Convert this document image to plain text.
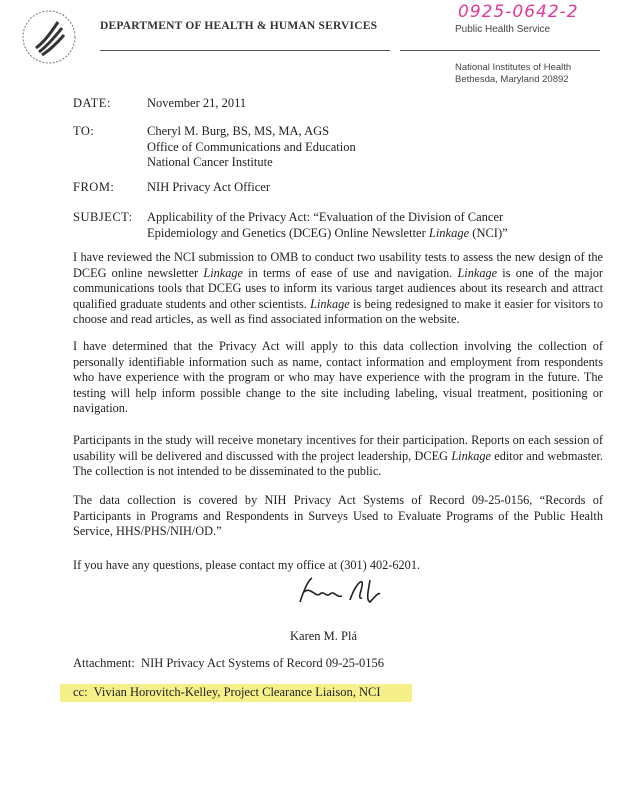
DEPARTMENT OF HEALTH & HUMAN SERVICES
0925-0642-2
Public Health Service
National Institutes of Health
Bethesda, Maryland 20892
DATE:	November 21, 2011
TO:	Cheryl M. Burg, BS, MS, MA, AGS
Office of Communications and Education
National Cancer Institute
FROM:	NIH Privacy Act Officer
SUBJECT: Applicability of the Privacy Act: “Evaluation of the Division of Cancer
Epidemiology and Genetics (DCEG) Online Newsletter Linkage (NCI)”
I have reviewed the NCI submission to OMB to conduct two usability tests to assess the new design of the DCEG online newsletter Linkage in terms of ease of use and navigation. Linkage is one of the major communications tools that DCEG uses to inform its various target audiences about its research and attract qualified graduate students and other scientists. Linkage is being redesigned to make it easier for visitors to choose and read articles, as well as find associated information on the website.
I have determined that the Privacy Act will apply to this data collection involving the collection of personally identifiable information such as name, contact information and employment from respondents who have experience with the program or who may have experience with the program in the future. The testing will help inform possible change to the site including labeling, visual treatment, positioning or navigation.
Participants in the study will receive monetary incentives for their participation. Reports on each session of usability will be delivered and discussed with the project leadership, DCEG Linkage editor and webmaster. The collection is not intended to be disseminated to the public.
The data collection is covered by NIH Privacy Act Systems of Record 09-25-0156, “Records of Participants in Programs and Respondents in Surveys Used to Evaluate Programs of the Public Health Service, HHS/PHS/NIH/OD.”
If you have any questions, please contact my office at (301) 402-6201.
Karen M. Plá
Attachment:  NIH Privacy Act Systems of Record 09-25-0156
cc:  Vivian Horovitch-Kelley, Project Clearance Liaison, NCI
